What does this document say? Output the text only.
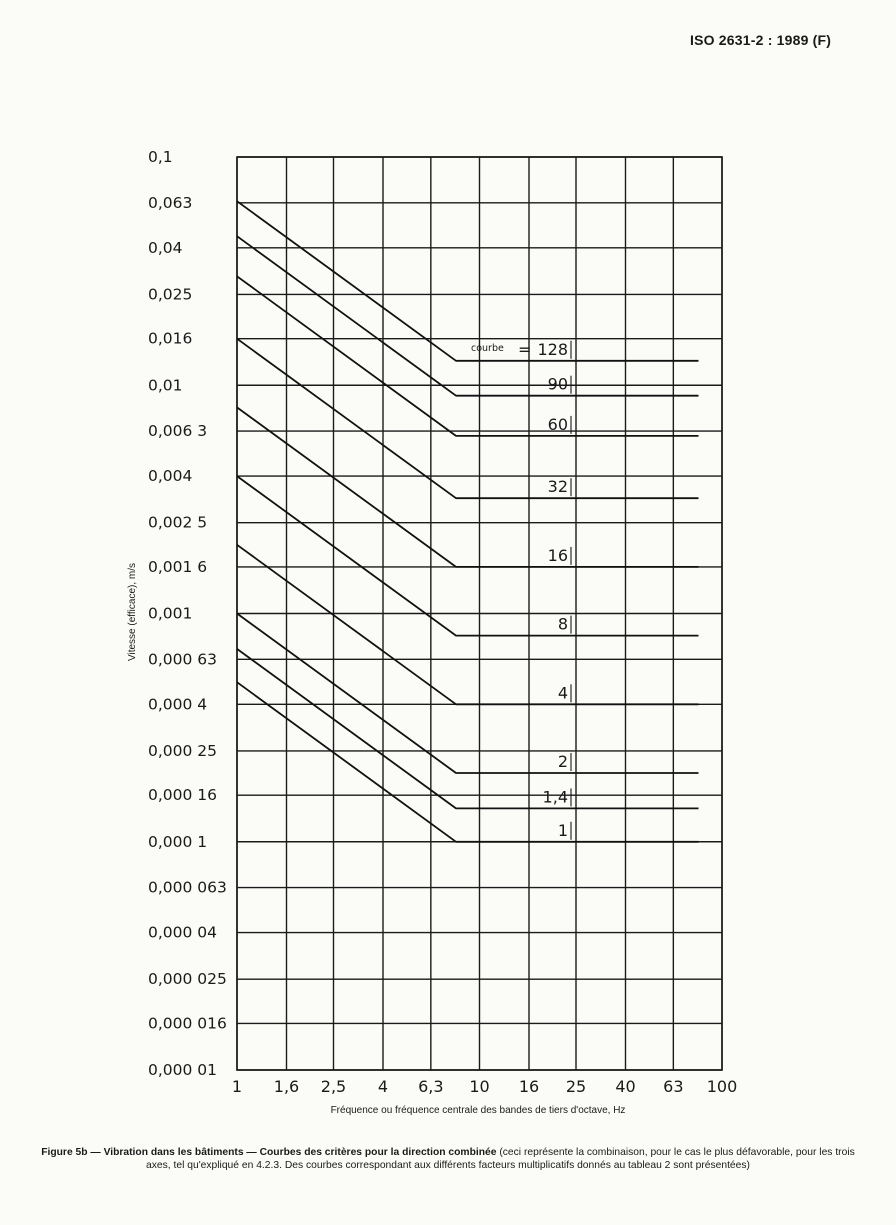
ISO 2631-2 : 1989 (F)
0,1
0,063
0,04
0,025
0,016
0,01
0,006 3
0,004
0,002 5
0,001 6
0,001
0,000 63
0,000 4
0,000 25
0,000 16
0,000 1
0,000 063
0,000 04
0,000 025
0,000 016
0,000 01
1 1,6 2,5 4 6,3 10 16 25 40 63 100
1
1,4
2
4
8
16
32
60
90
128
courbe =
Vitesse (efficace), m/s
Fréquence ou fréquence centrale des bandes de tiers d'octave, Hz
Figure 5b — Vibration dans les bâtiments — Courbes des critères pour la direction combinée (ceci représente la combinaison, pour le cas le plus défavorable, pour les trois axes, tel qu'expliqué en 4.2.3. Des courbes correspondant aux différents facteurs multiplicatifs donnés au tableau 2 sont présentées)
